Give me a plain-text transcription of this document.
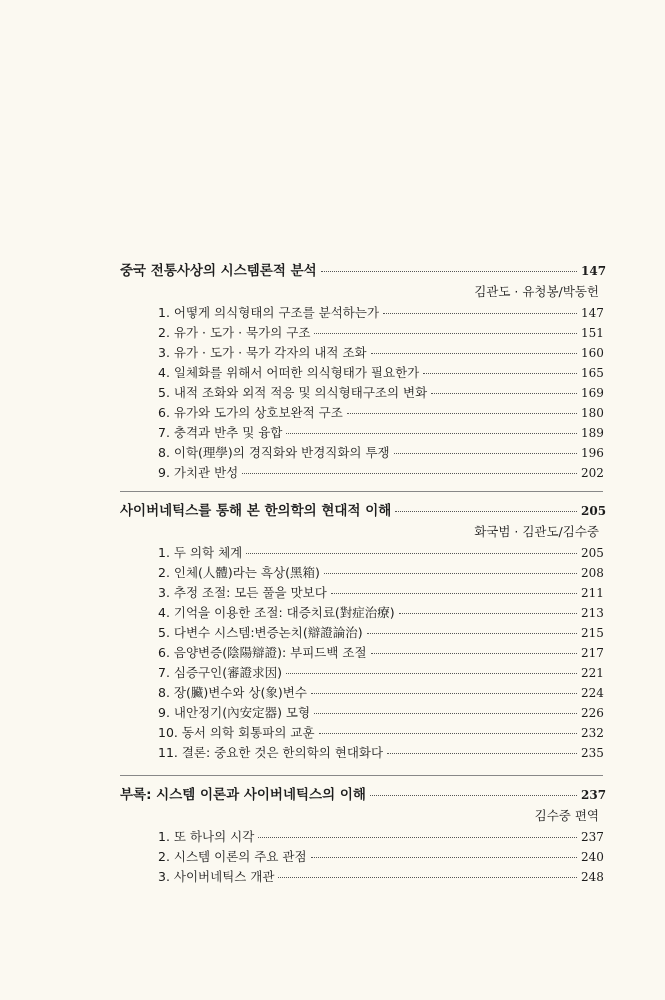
중국 전통사상의 시스템론적 분석	147
김관도 · 유청봉/박동헌
1. 어떻게 의식형태의 구조를 분석하는가	147
2. 유가 · 도가 · 묵가의 구조	151
3. 유가 · 도가 · 묵가 각자의 내적 조화	160
4. 일체화를 위해서 어떠한 의식형태가 필요한가	165
5. 내적 조화와 외적 적응 및 의식형태구조의 변화	169
6. 유가와 도가의 상호보완적 구조	180
7. 충격과 반추 및 융합	189
8. 이학(理學)의 경직화와 반경직화의 투쟁	196
9. 가치관 반성	202
사이버네틱스를 통해 본 한의학의 현대적 이해	205
화국범 · 김관도/김수중
1. 두 의학 체계	205
2. 인체(人體)라는 흑상(黑箱)	208
3. 추정 조절: 모든 풀을 맛보다	211
4. 기억을 이용한 조절: 대증치료(對症治療)	213
5. 다변수 시스템:변증논치(辯證論治)	215
6. 음양변증(陰陽辯證): 부피드백 조절	217
7. 심증구인(審證求因)	221
8. 장(臟)변수와 상(象)변수	224
9. 내안정기(內安定器) 모형	226
10. 동서 의학 회통파의 교훈	232
11. 결론: 중요한 것은 한의학의 현대화다	235
부록: 시스템 이론과 사이버네틱스의 이해	237
김수중 편역
1. 또 하나의 시각	237
2. 시스템 이론의 주요 관점	240
3. 사이버네틱스 개관	248
